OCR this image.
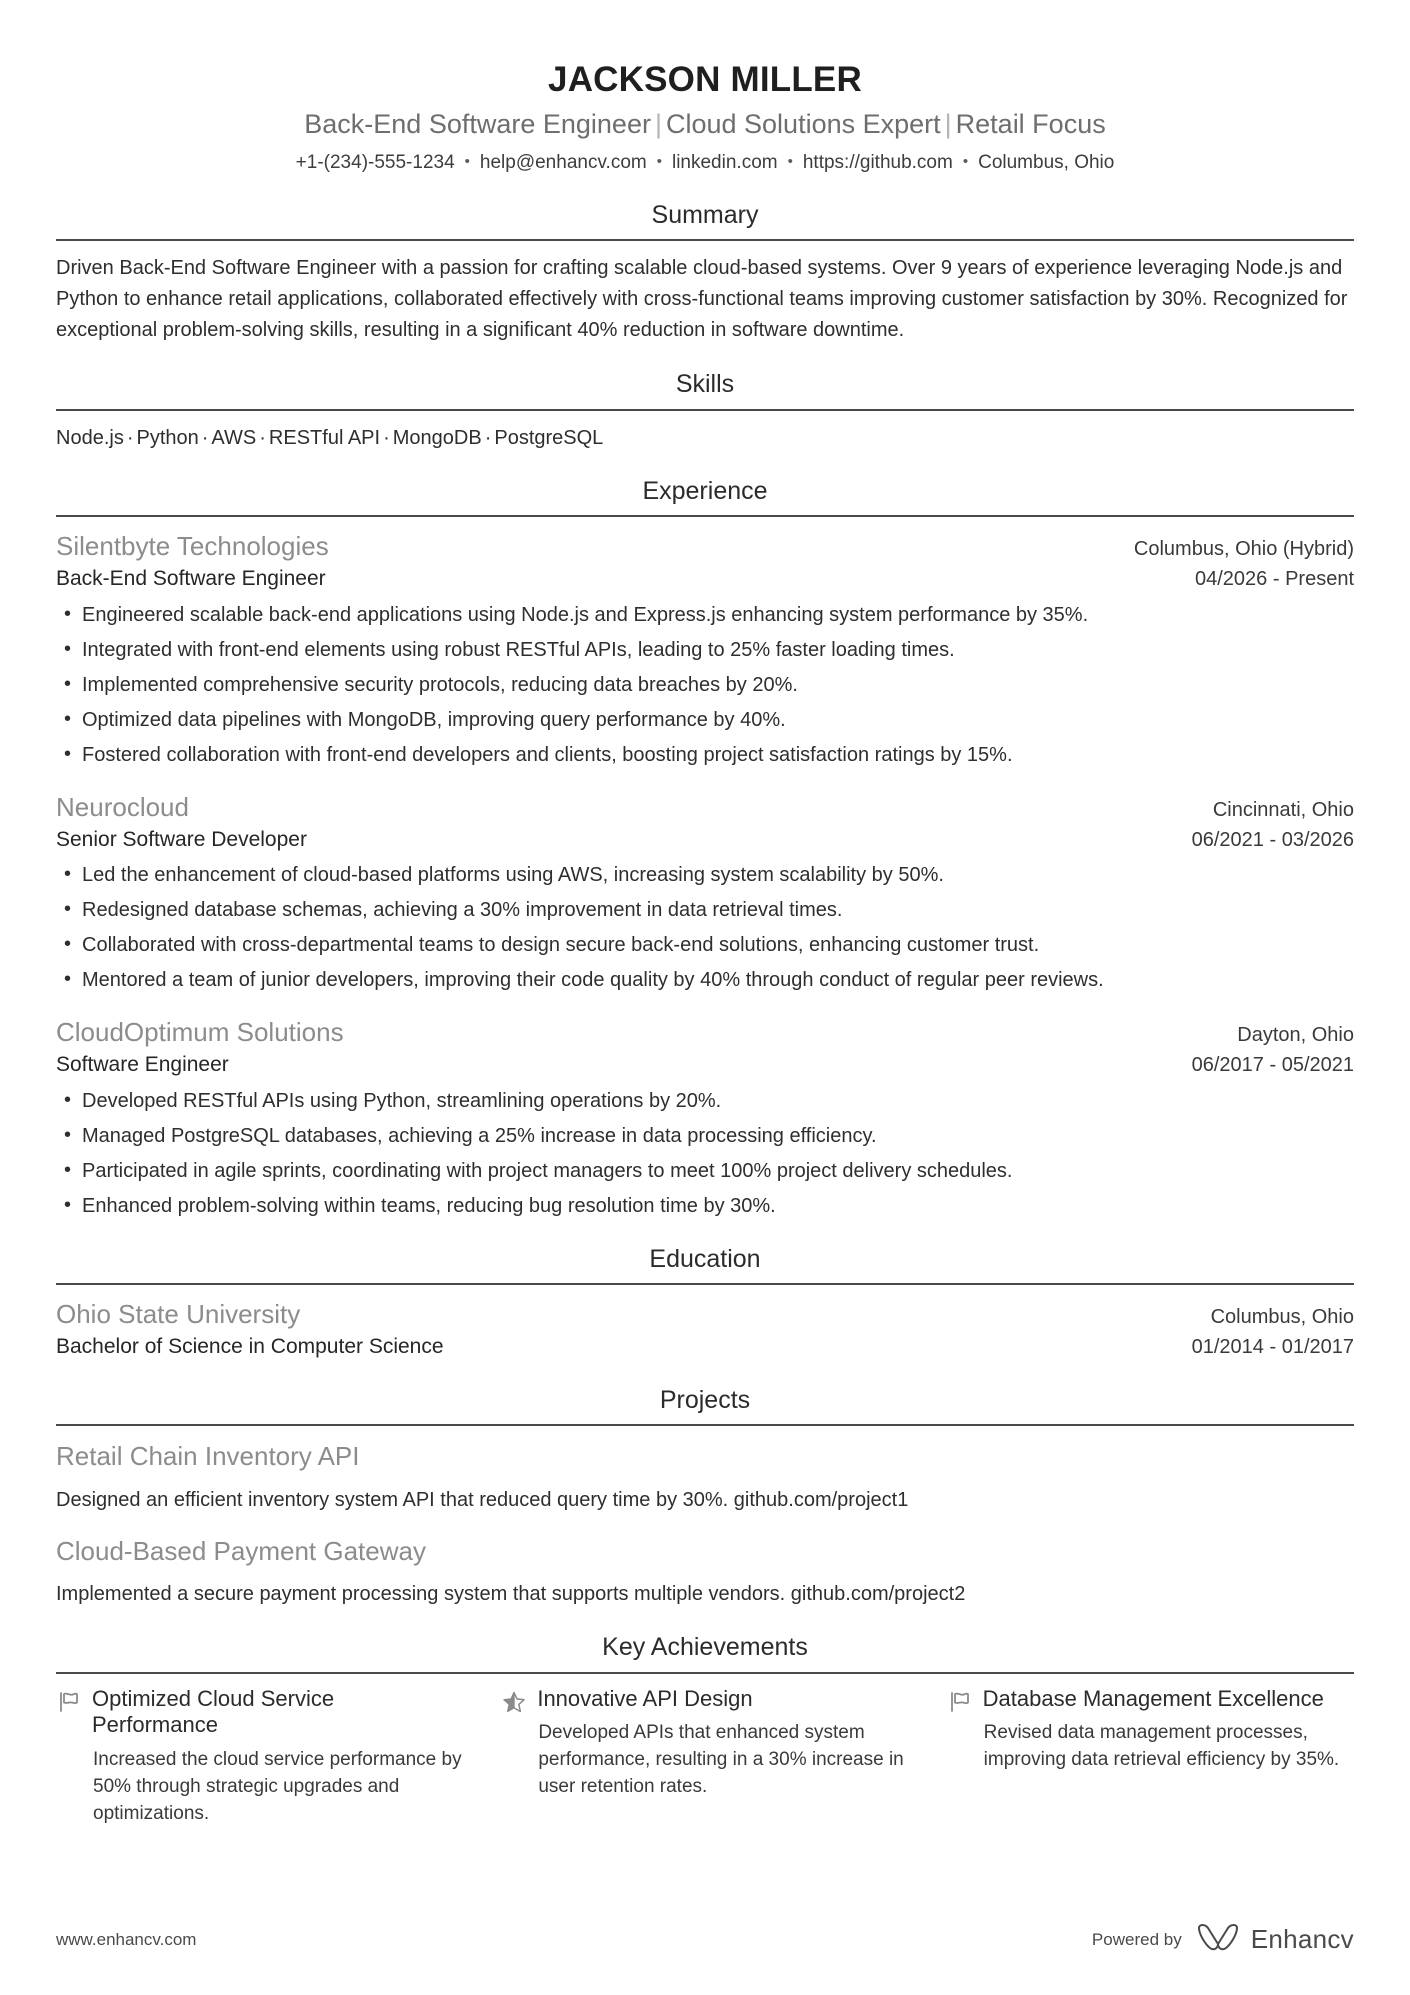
JACKSON MILLER
Back-End Software Engineer | Cloud Solutions Expert | Retail Focus
+1-(234)-555-1234 • help@enhancv.com • linkedin.com • https://github.com • Columbus, Ohio
Summary
Driven Back-End Software Engineer with a passion for crafting scalable cloud-based systems. Over 9 years of experience leveraging Node.js and Python to enhance retail applications, collaborated effectively with cross-functional teams improving customer satisfaction by 30%. Recognized for exceptional problem-solving skills, resulting in a significant 40% reduction in software downtime.
Skills
Node.js · Python · AWS · RESTful API · MongoDB · PostgreSQL
Experience
Silentbyte Technologies	Columbus, Ohio (Hybrid)
Back-End Software Engineer	04/2026 - Present
• Engineered scalable back-end applications using Node.js and Express.js enhancing system performance by 35%.
• Integrated with front-end elements using robust RESTful APIs, leading to 25% faster loading times.
• Implemented comprehensive security protocols, reducing data breaches by 20%.
• Optimized data pipelines with MongoDB, improving query performance by 40%.
• Fostered collaboration with front-end developers and clients, boosting project satisfaction ratings by 15%.
Neurocloud	Cincinnati, Ohio
Senior Software Developer	06/2021 - 03/2026
• Led the enhancement of cloud-based platforms using AWS, increasing system scalability by 50%.
• Redesigned database schemas, achieving a 30% improvement in data retrieval times.
• Collaborated with cross-departmental teams to design secure back-end solutions, enhancing customer trust.
• Mentored a team of junior developers, improving their code quality by 40% through conduct of regular peer reviews.
CloudOptimum Solutions	Dayton, Ohio
Software Engineer	06/2017 - 05/2021
• Developed RESTful APIs using Python, streamlining operations by 20%.
• Managed PostgreSQL databases, achieving a 25% increase in data processing efficiency.
• Participated in agile sprints, coordinating with project managers to meet 100% project delivery schedules.
• Enhanced problem-solving within teams, reducing bug resolution time by 30%.
Education
Ohio State University	Columbus, Ohio
Bachelor of Science in Computer Science	01/2014 - 01/2017
Projects
Retail Chain Inventory API
Designed an efficient inventory system API that reduced query time by 30%. github.com/project1
Cloud-Based Payment Gateway
Implemented a secure payment processing system that supports multiple vendors. github.com/project2
Key Achievements
Optimized Cloud Service Performance
Increased the cloud service performance by 50% through strategic upgrades and optimizations.
Innovative API Design
Developed APIs that enhanced system performance, resulting in a 30% increase in user retention rates.
Database Management Excellence
Revised data management processes, improving data retrieval efficiency by 35%.
www.enhancv.com	Powered by	Enhancv
